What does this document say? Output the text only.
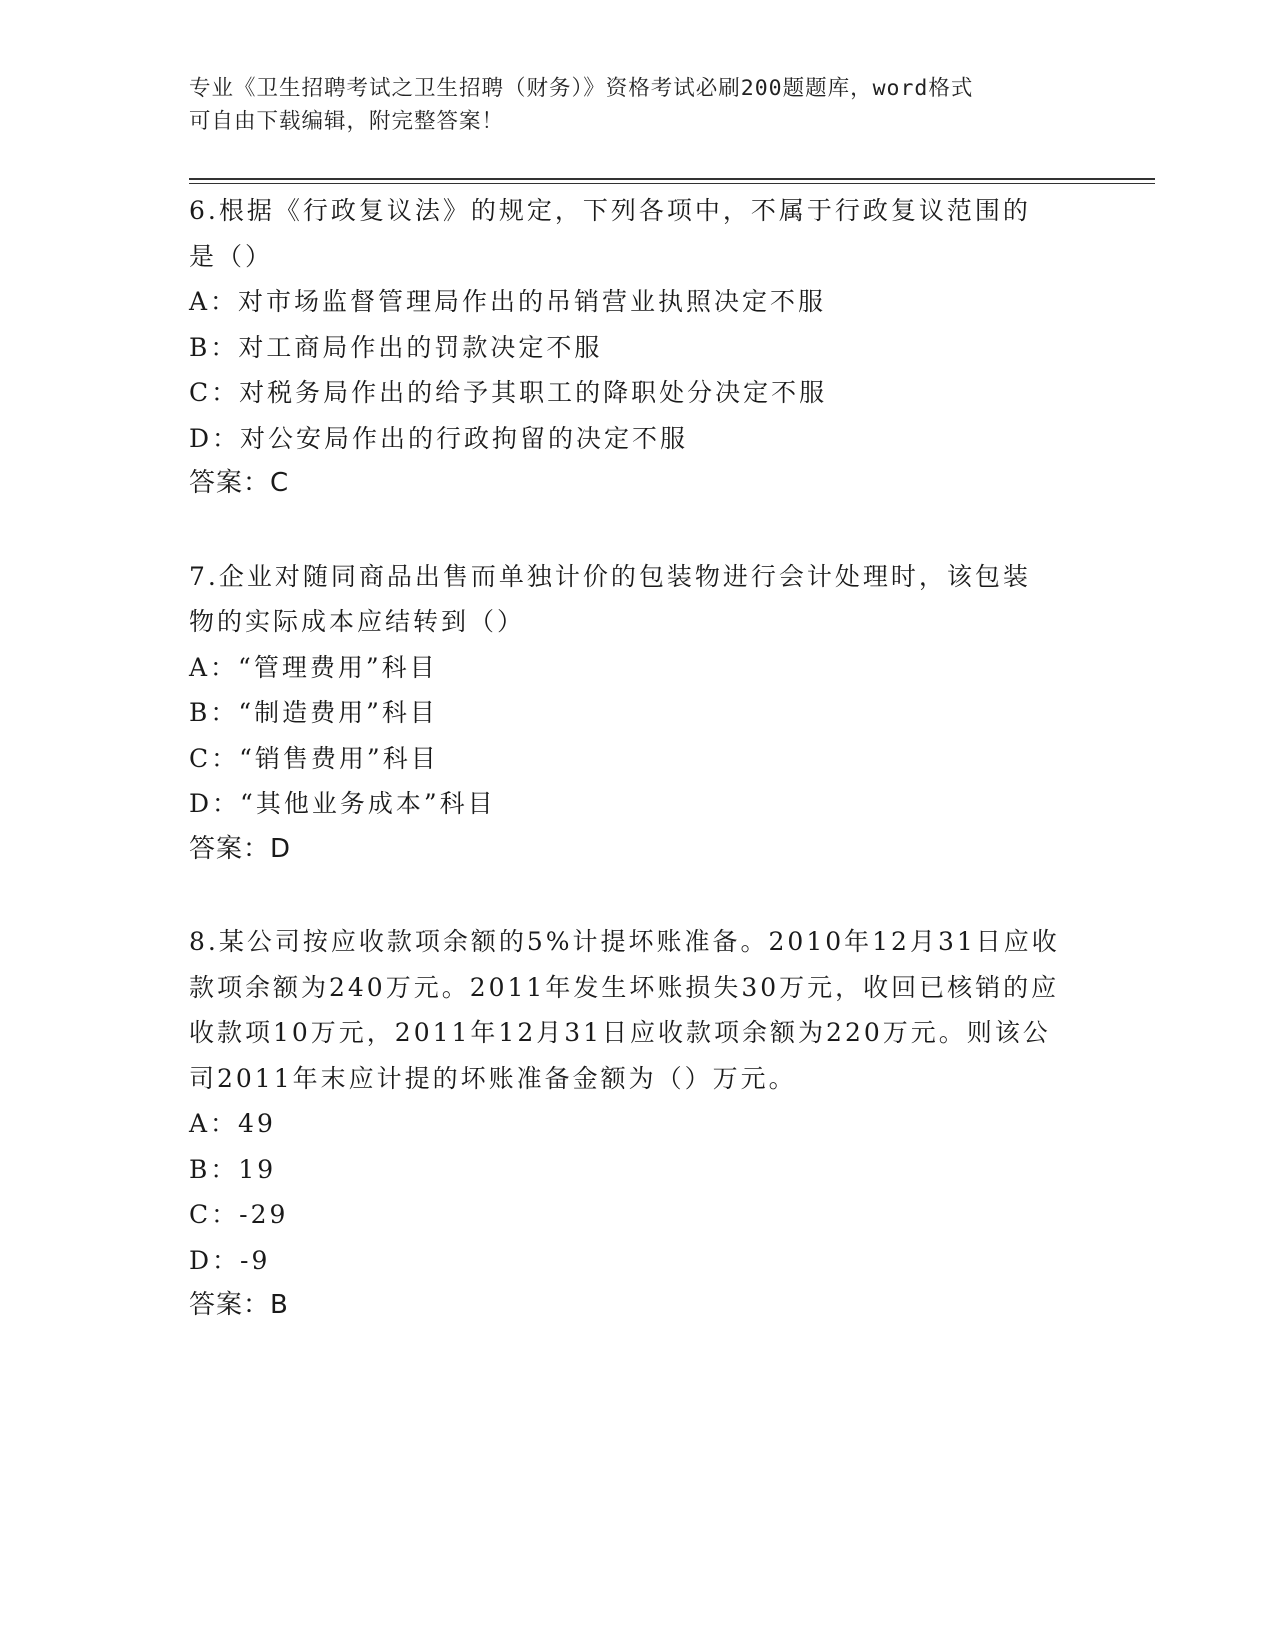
专业《卫生招聘考试之卫生招聘（财务）》资格考试必刷200题题库，word格式
可自由下载编辑，附完整答案！

6.根据《行政复议法》的规定，下列各项中，不属于行政复议范围的

是（）

A：对市场监督管理局作出的吊销营业执照决定不服

B：对工商局作出的罚款决定不服

C：对税务局作出的给予其职工的降职处分决定不服

D：对公安局作出的行政拘留的决定不服

答案：C

7.企业对随同商品出售而单独计价的包装物进行会计处理时，该包装

物的实际成本应结转到（）

A：“管理费用”科目

B：“制造费用”科目

C：“销售费用”科目

D：“其他业务成本”科目

答案：D

8.某公司按应收款项余额的5%计提坏账准备。2010年12月31日应收

款项余额为240万元。2011年发生坏账损失30万元，收回已核销的应

收款项10万元，2011年12月31日应收款项余额为220万元。则该公

司2011年末应计提的坏账准备金额为（）万元。

A：49

B：19

C：-29

D：-9

答案：B
